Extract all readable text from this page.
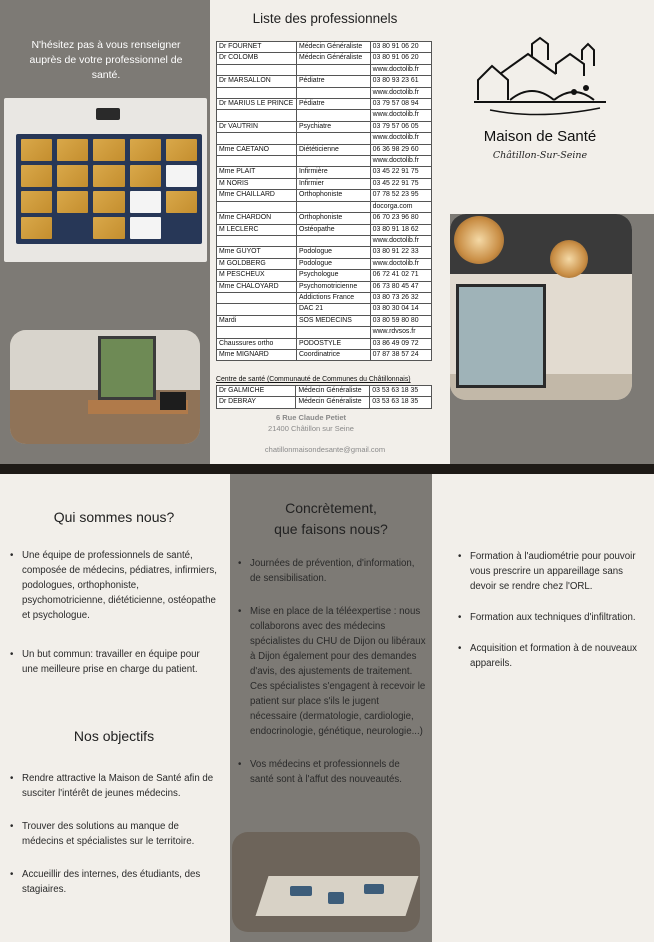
N'hésitez pas à vous renseigner auprès de votre professionnel de santé.

Liste des professionnels
Dr FOURNET	Médecin Généraliste	03 80 91 06 20
Dr COLOMB	Médecin Généraliste	03 80 91 06 20
		www.doctolib.fr
Dr MARSALLON	Pédiatre	03 80 93 23 61
		www.doctolib.fr
Dr MARIUS LE PRINCE	Pédiatre	03 79 57 08 94
		www.doctolib.fr
Dr VAUTRIN	Psychiatre	03 79 57 06 05
		www.doctolib.fr
Mme CAETANO	Diététicienne	06 36 98 29 60
		www.doctolib.fr
Mme PLAIT	Infirmière	03 45 22 91 75
M NORIS	Infirmier	03 45 22 91 75
Mme CHAILLARD	Orthophoniste	07 78 52 23 95
		docorga.com
Mme CHARDON	Orthophoniste	06 70 23 96 80
M LECLERC	Ostéopathe	03 80 91 18 62
		www.doctolib.fr
Mme GUYOT	Podologue	03 80 91 22 33
M GOLDBERG	Podologue	www.doctolib.fr
M PESCHEUX	Psychologue	06 72 41 02 71
Mme CHALOYARD	Psychomotricienne	06 73 80 45 47
	Addictions France	03 80 73 26 32
	DAC 21	03 80 30 04 14
Mardi	SOS MEDECINS	03 80 59 80 80
		www.rdvsos.fr
Chaussures ortho	PODOSTYLE	03 86 49 09 72
Mme MIGNARD	Coordinatrice	07 87 38 57 24
Centre de santé (Communauté de Communes du Châtillonnais)
Dr GALMICHE	Médecin Généraliste	03 53 63 18 35
Dr DEBRAY	Médecin Généraliste	03 53 63 18 35
6 Rue Claude Petiet
21400 Châtillon sur Seine
chatillonmaisondesante@gmail.com
Maison de Santé
Châtillon-Sur-Seine
Qui sommes nous?
• Une équipe de professionnels de santé, composée de médecins, pédiatres, infirmiers, podologues, orthophoniste, psychomotricienne, diététicienne, ostéopathe et psychologue.
• Un but commun: travailler en équipe pour une meilleure prise en charge du patient.
Nos objectifs
• Rendre attractive la Maison de Santé afin de susciter l'intérêt de jeunes médecins.
• Trouver des solutions au manque de médecins et spécialistes sur le territoire.
• Accueillir des internes, des étudiants, des stagiaires.
Concrètement,
que faisons nous?
• Journées de prévention, d'information, de sensibilisation.
• Mise en place de la téléexpertise : nous collaborons avec des médecins spécialistes du CHU de Dijon ou libéraux à Dijon également pour des demandes d'avis, des ajustements de traitement. Ces spécialistes s'engagent à recevoir le patient sur place s'ils le jugent nécessaire (dermatologie, cardiologie, endocrinologie, génétique, neurologie...)
• Vos médecins et professionnels de santé sont à l'affut des nouveautés.
• Formation à l'audiométrie pour pouvoir vous prescrire un appareillage sans devoir se rendre chez l'ORL.
• Formation aux techniques d'infiltration.
• Acquisition et formation à de nouveaux appareils.
